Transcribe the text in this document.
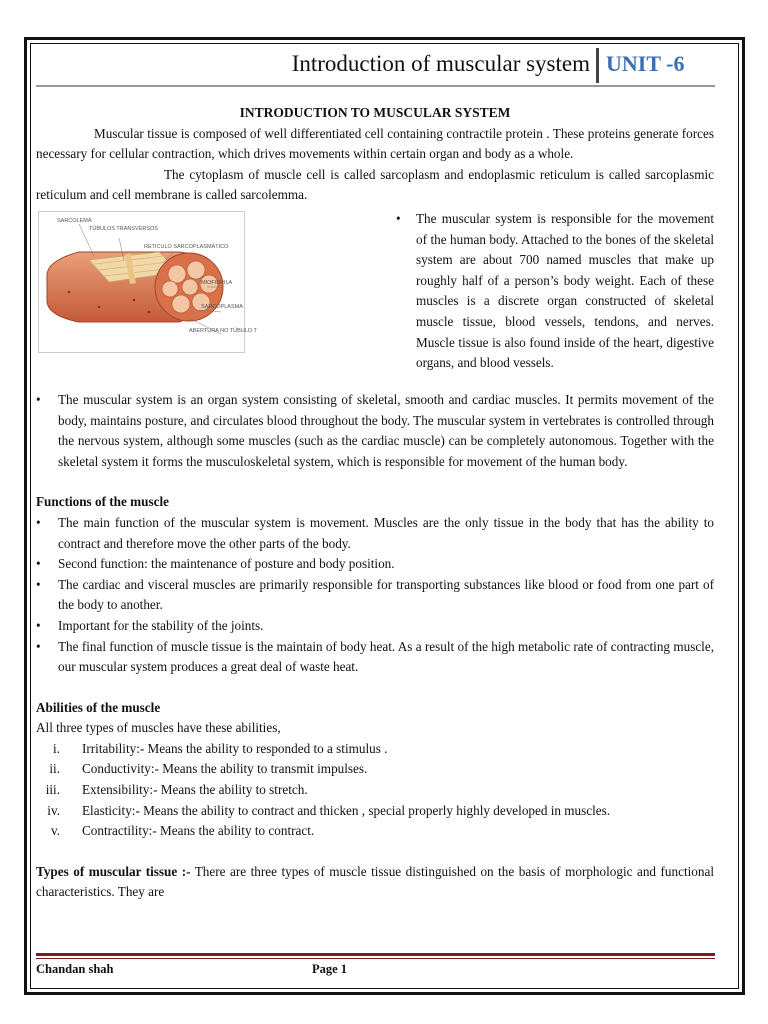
Introduction of muscular system UNIT -6

INTRODUCTION TO MUSCULAR SYSTEM

Muscular tissue is composed of well differentiated cell containing contractile protein . These proteins generate forces necessary for cellular contraction, which drives movements within certain organ and body as a whole.

The cytoplasm of muscle cell is called sarcoplasm and endoplasmic reticulum is called sarcoplasmic reticulum and cell membrane is called sarcolemma.

SARCOLEMA
TÚBULOS TRANSVERSOS
RETICULO SARCOPLASMÁTICO
MIOFIBRILA
SARCOPLASMA
ABERTURA NO TÚBULO T
• The muscular system is responsible for the movement of the human body. Attached to the bones of the skeletal system are about 700 named muscles that make up roughly half of a person’s body weight. Each of these muscles is a discrete organ constructed of skeletal muscle tissue, blood vessels, tendons, and nerves. Muscle tissue is also found inside of the heart, digestive organs, and blood vessels.
• The muscular system is an organ system consisting of skeletal, smooth and cardiac muscles. It permits movement of the body, maintains posture, and circulates blood throughout the body. The muscular system in vertebrates is controlled through the nervous system, although some muscles (such as the cardiac muscle) can be completely autonomous. Together with the skeletal system it forms the musculoskeletal system, which is responsible for movement of the human body.

Functions of the muscle

• The main function of the muscular system is movement. Muscles are the only tissue in the body that has the ability to contract and therefore move the other parts of the body.
• Second function: the maintenance of posture and body position.
• The cardiac and visceral muscles are primarily responsible for transporting substances like blood or food from one part of the body to another.
• Important for the stability of the joints.
• The final function of muscle tissue is the maintain of body heat. As a result of the high metabolic rate of contracting muscle, our muscular system produces a great deal of waste heat.

Abilities of the muscle

All three types of muscles have these abilities,

i. Irritability:- Means the ability to responded to a stimulus .
ii. Conductivity:- Means the ability to transmit impulses.
iii. Extensibility:- Means the ability to stretch.
iv. Elasticity:- Means the ability to contract and thicken , special properly highly developed in muscles.
v. Contractility:- Means the ability to contract.

Types of muscular tissue :- There are three types of muscle tissue distinguished on the basis of morphologic and functional characteristics. They are

Chandan shah	Page 1
